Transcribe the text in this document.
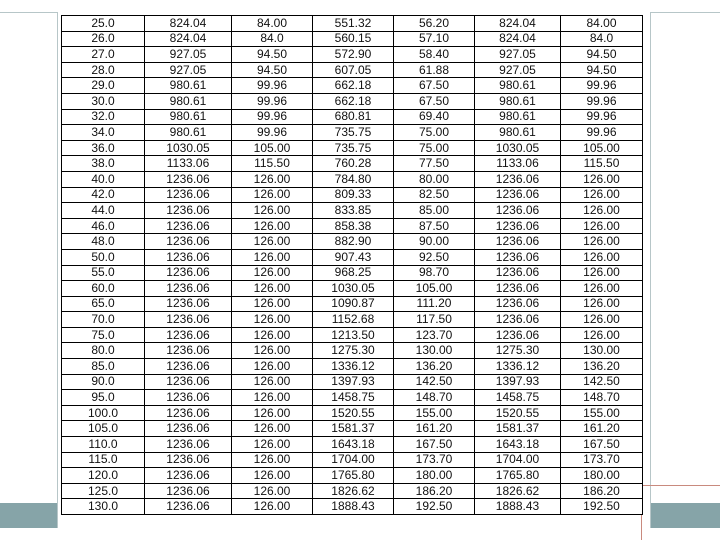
25.0	824.04	84.00	551.32	56.20	824.04	84.00
26.0	824.04	84.0	560.15	57.10	824.04	84.0
27.0	927.05	94.50	572.90	58.40	927.05	94.50
28.0	927.05	94.50	607.05	61.88	927.05	94.50
29.0	980.61	99.96	662.18	67.50	980.61	99.96
30.0	980.61	99.96	662.18	67.50	980.61	99.96
32.0	980.61	99.96	680.81	69.40	980.61	99.96
34.0	980.61	99.96	735.75	75.00	980.61	99.96
36.0	1030.05	105.00	735.75	75.00	1030.05	105.00
38.0	1133.06	115.50	760.28	77.50	1133.06	115.50
40.0	1236.06	126.00	784.80	80.00	1236.06	126.00
42.0	1236.06	126.00	809.33	82.50	1236.06	126.00
44.0	1236.06	126.00	833.85	85.00	1236.06	126.00
46.0	1236.06	126.00	858.38	87.50	1236.06	126.00
48.0	1236.06	126.00	882.90	90.00	1236.06	126.00
50.0	1236.06	126.00	907.43	92.50	1236.06	126.00
55.0	1236.06	126.00	968.25	98.70	1236.06	126.00
60.0	1236.06	126.00	1030.05	105.00	1236.06	126.00
65.0	1236.06	126.00	1090.87	111.20	1236.06	126.00
70.0	1236.06	126.00	1152.68	117.50	1236.06	126.00
75.0	1236.06	126.00	1213.50	123.70	1236.06	126.00
80.0	1236.06	126.00	1275.30	130.00	1275.30	130.00
85.0	1236.06	126.00	1336.12	136.20	1336.12	136.20
90.0	1236.06	126.00	1397.93	142.50	1397.93	142.50
95.0	1236.06	126.00	1458.75	148.70	1458.75	148.70
100.0	1236.06	126.00	1520.55	155.00	1520.55	155.00
105.0	1236.06	126.00	1581.37	161.20	1581.37	161.20
110.0	1236.06	126.00	1643.18	167.50	1643.18	167.50
115.0	1236.06	126.00	1704.00	173.70	1704.00	173.70
120.0	1236.06	126.00	1765.80	180.00	1765.80	180.00
125.0	1236.06	126.00	1826.62	186.20	1826.62	186.20
130.0	1236.06	126.00	1888.43	192.50	1888.43	192.50
